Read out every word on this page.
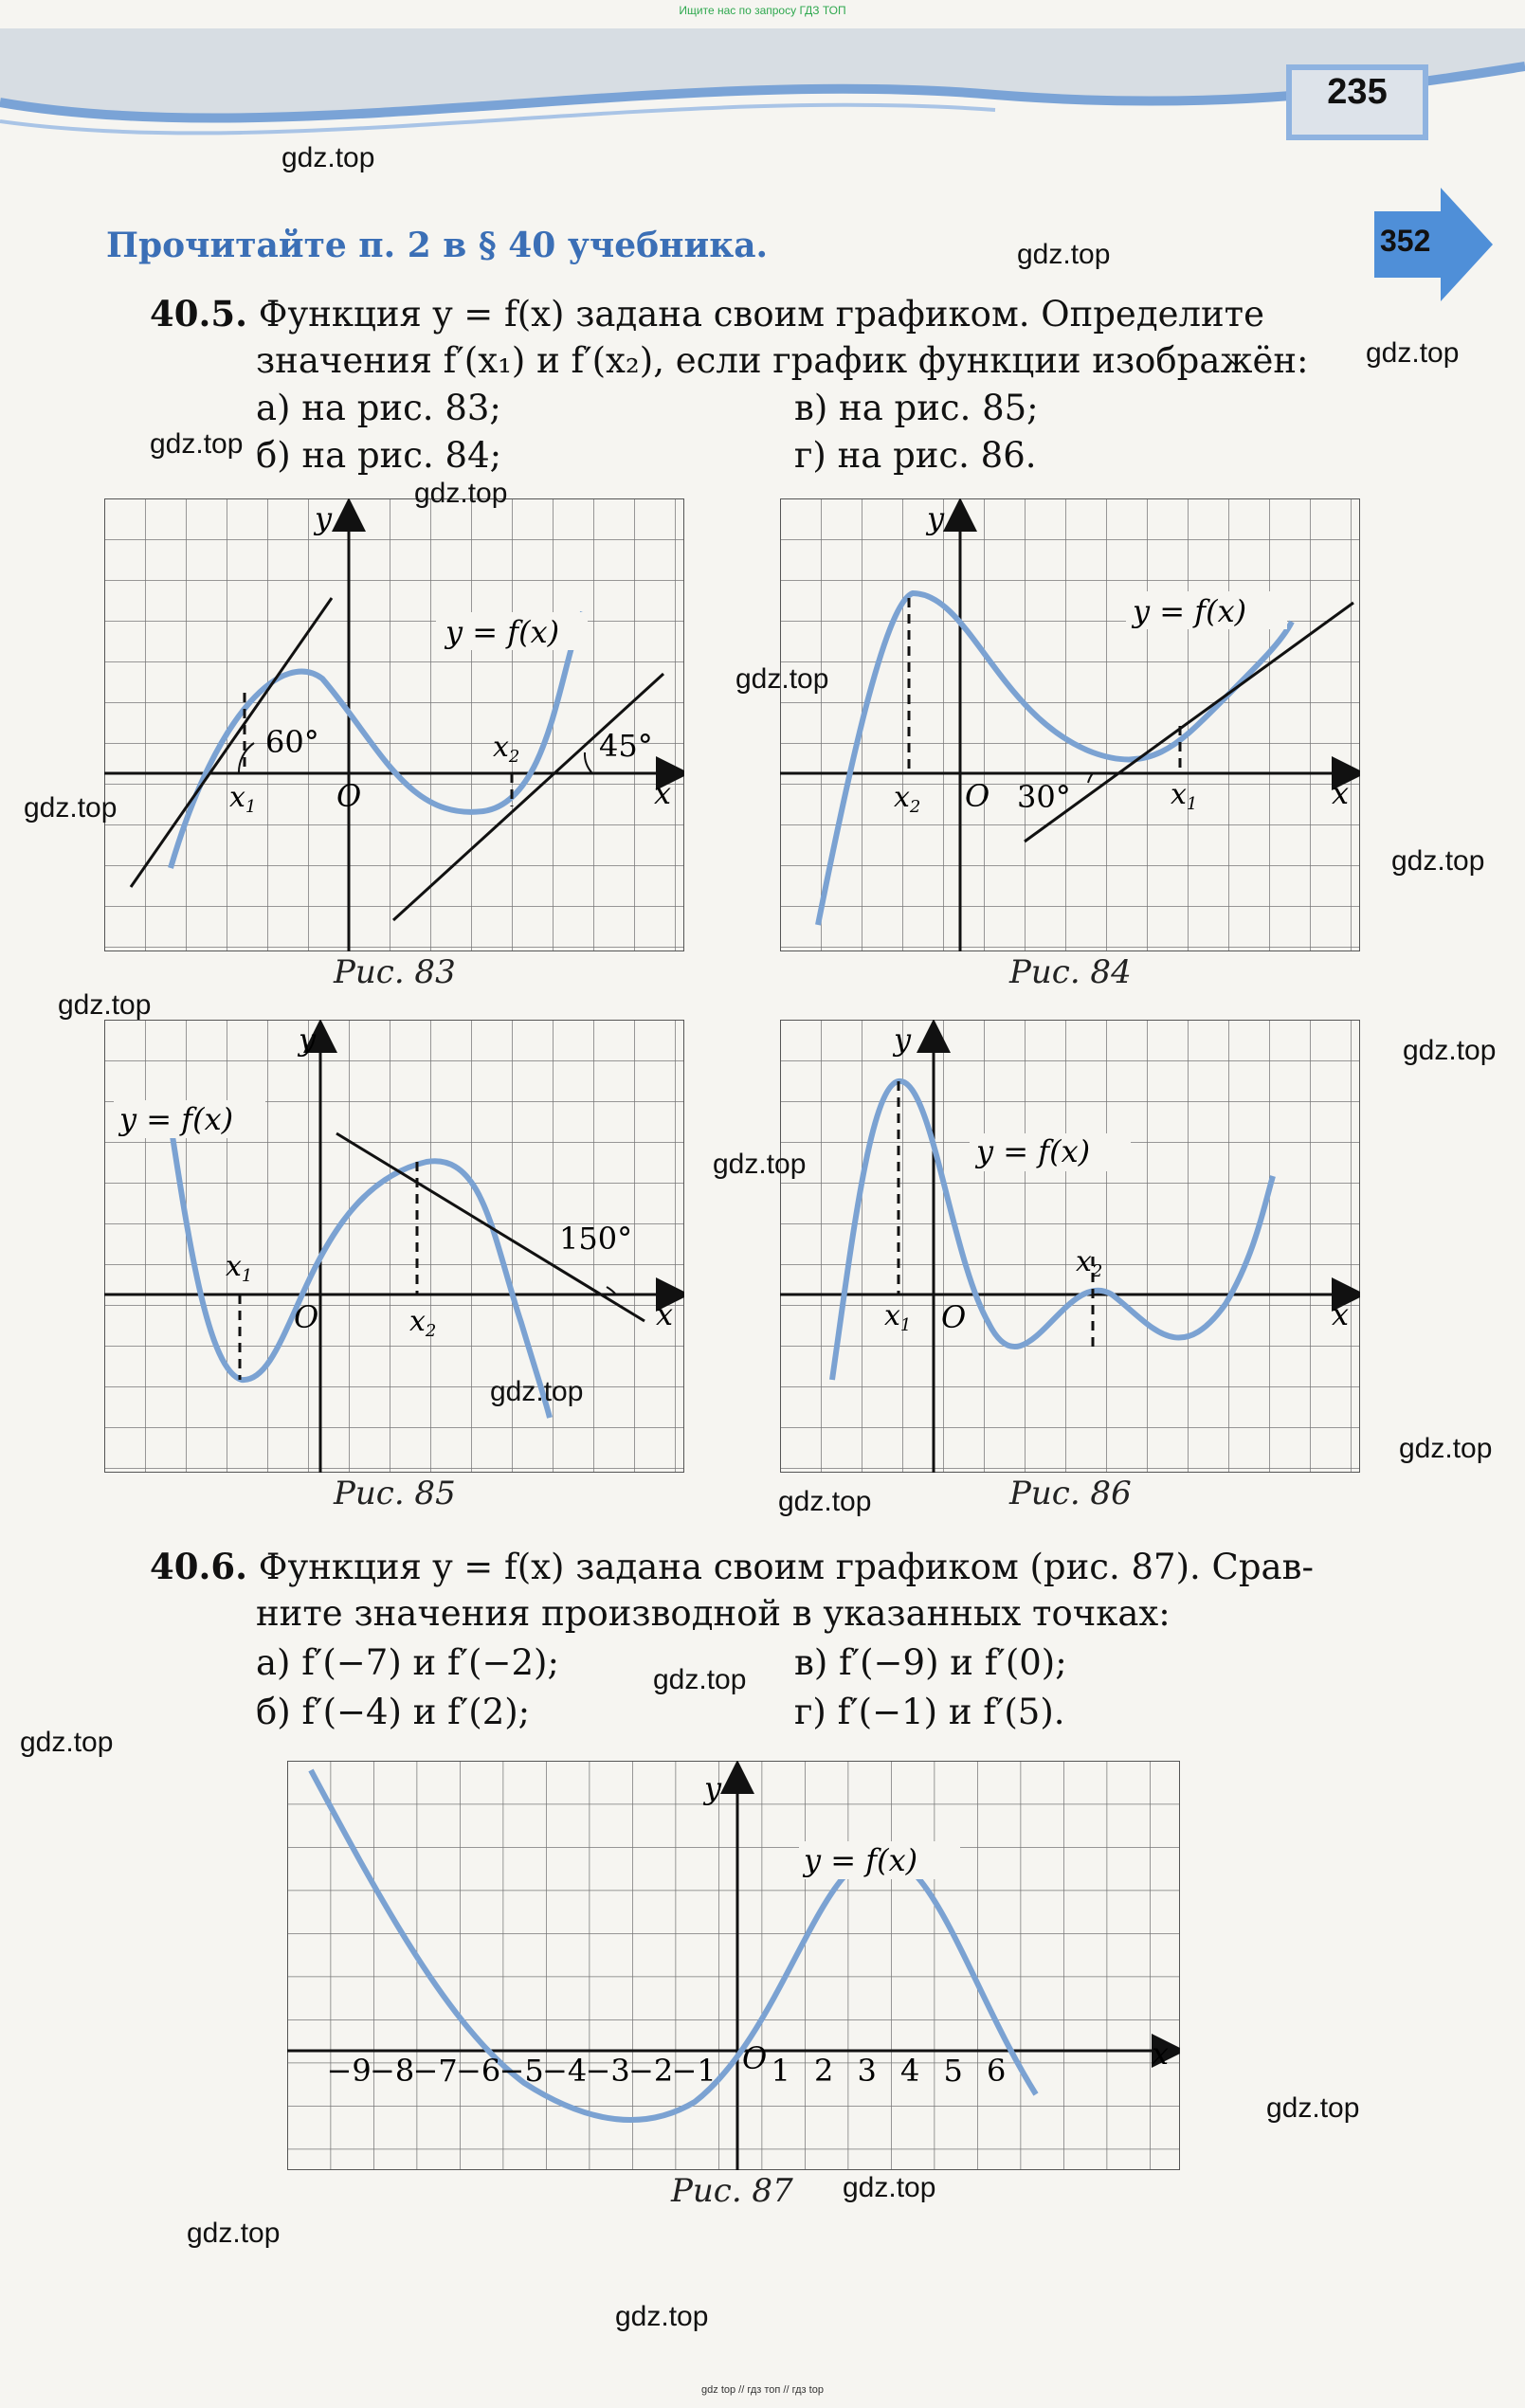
Ищите нас по запросу ГДЗ ТОП
235
352
Прочитайте п. 2 в § 40 учебника.
40.5. Функция y = f(x) задана своим графиком. Определите
значения f′(x₁) и f′(x₂), если график функции изображён:
а) на рис. 83;
б) на рис. 84;
в) на рис. 85;
г) на рис. 86.
y
x
O
$x_1$
$x_2$
60°	45°
y = f(x)
Рис. 83
y
x
O
$x_2$	$x_1$
30°
y = f(x)
Рис. 84
y
x
O
$x_1$
$x_2$
150°
y = f(x)
Рис. 85
y
x
O
$x_1$
$x_2$
y = f(x)
Рис. 86
40.6. Функция y = f(x) задана своим графиком (рис. 87). Срав-
ните значения производной в указанных точках:
а) f′(−7) и f′(−2);
б) f′(−4) и f′(2);
в) f′(−9) и f′(0);
г) f′(−1) и f′(5).
y
x
O
−9
−8
−7
−6
−5
−4
−3
−2
−1 1 2 3 4 5 6
y = f(x)
Рис. 87
gdz.top
gdz.top
gdz.top
gdz.top
gdz.top
gdz.top
gdz.top
gdz.top
gdz.top
gdz.top
gdz.top
gdz.top
gdz.top
gdz.top
gdz.top
gdz.top
gdz.top
gdz.top
gdz.top
gdz.top
gdz top // гдз топ // гдз top
